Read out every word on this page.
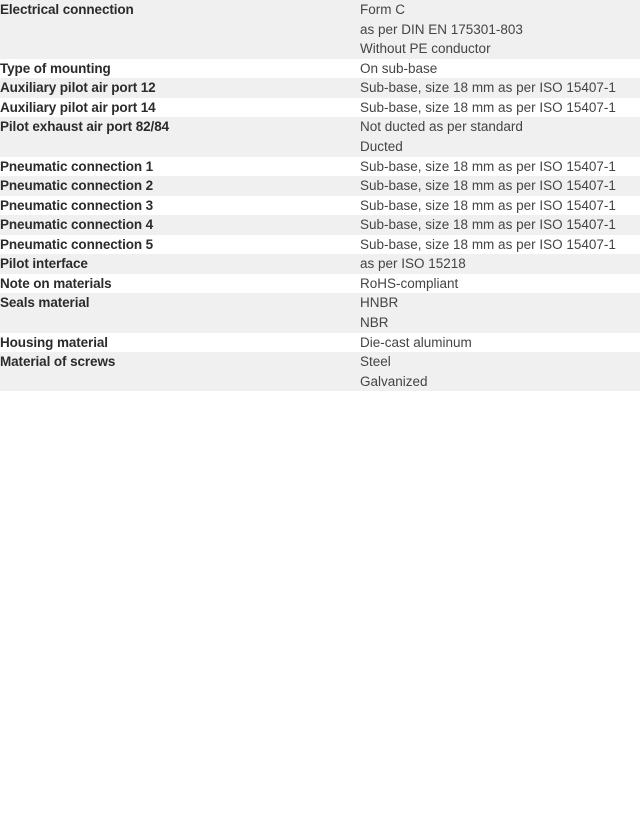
Electrical connection	Form C
as per DIN EN 175301-803
Without PE conductor

Type of mounting	On sub-base

Auxiliary pilot air port 12	Sub-base, size 18 mm as per ISO 15407-1

Auxiliary pilot air port 14	Sub-base, size 18 mm as per ISO 15407-1

Pilot exhaust air port 82/84	Not ducted as per standard
Ducted

Pneumatic connection 1	Sub-base, size 18 mm as per ISO 15407-1

Pneumatic connection 2	Sub-base, size 18 mm as per ISO 15407-1

Pneumatic connection 3	Sub-base, size 18 mm as per ISO 15407-1

Pneumatic connection 4	Sub-base, size 18 mm as per ISO 15407-1

Pneumatic connection 5	Sub-base, size 18 mm as per ISO 15407-1

Pilot interface	as per ISO 15218

Note on materials	RoHS-compliant

Seals material	HNBR
NBR

Housing material	Die-cast aluminum

Material of screws	Steel
Galvanized
